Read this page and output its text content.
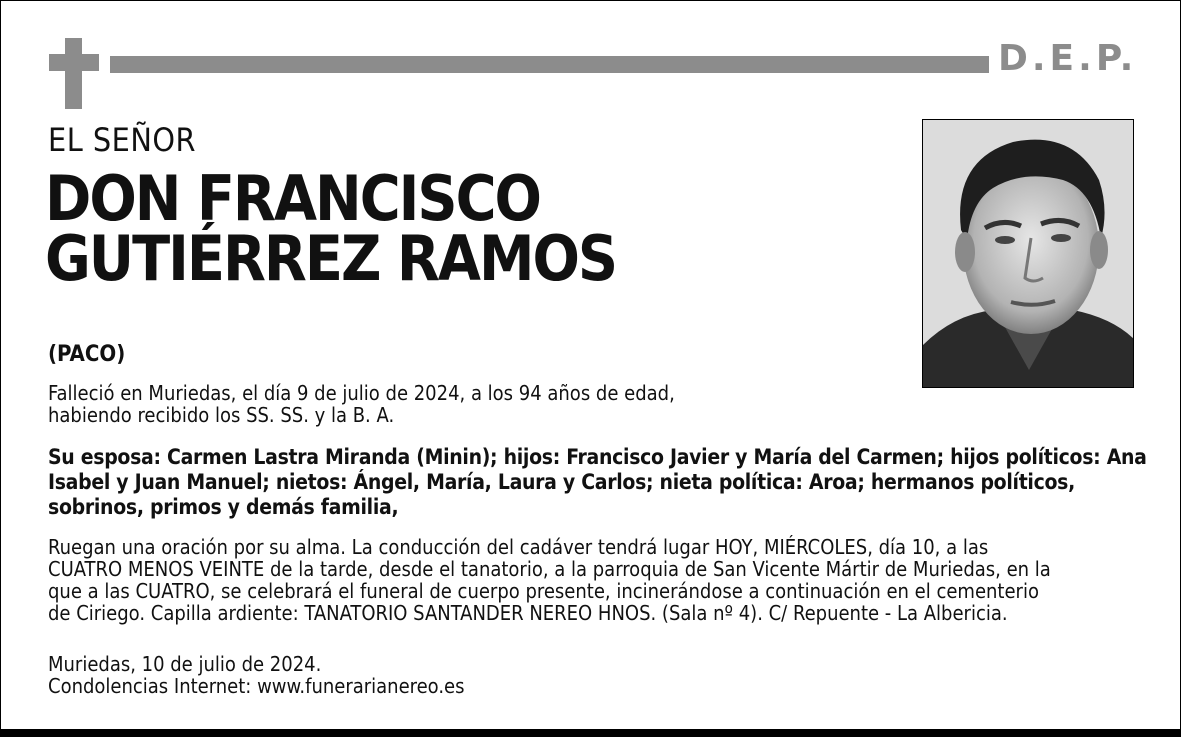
D.E.P.
EL SEÑOR
DON FRANCISCO
GUTIÉRREZ RAMOS
(PACO)

Falleció en Muriedas, el día 9 de julio de 2024, a los 94 años de edad,
habiendo recibido los SS. SS. y la B. A.

Su esposa: Carmen Lastra Miranda (Minin); hijos: Francisco Javier y María del Carmen; hijos políticos: Ana
Isabel y Juan Manuel; nietos: Ángel, María, Laura y Carlos; nieta política: Aroa; hermanos políticos,
sobrinos, primos y demás familia,

Ruegan una oración por su alma. La conducción del cadáver tendrá lugar HOY, MIÉRCOLES, día 10, a las
CUATRO MENOS VEINTE de la tarde, desde el tanatorio, a la parroquia de San Vicente Mártir de Muriedas, en la
que a las CUATRO, se celebrará el funeral de cuerpo presente, incinerándose a continuación en el cementerio
de Ciriego. Capilla ardiente: TANATORIO SANTANDER NEREO HNOS. (Sala nº 4). C/ Repuente - La Albericia.

Muriedas, 10 de julio de 2024.
Condolencias Internet: www.funerarianereo.es
